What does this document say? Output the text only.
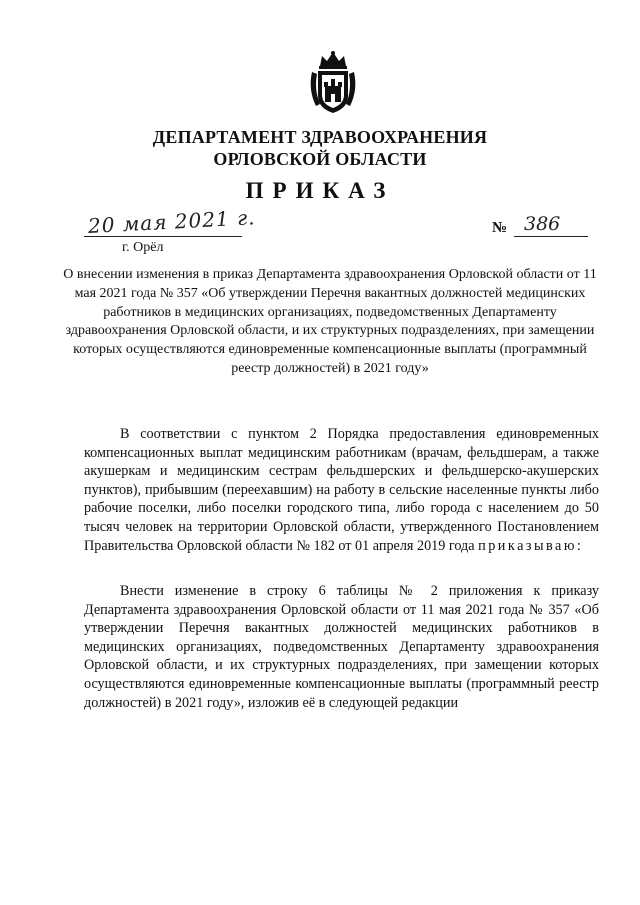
ДЕПАРТАМЕНТ ЗДРАВООХРАНЕНИЯ
ОРЛОВСКОЙ ОБЛАСТИ
ПРИКАЗ
20 мая 2021 г.
г. Орёл
№ 386
О внесении изменения в приказ Департамента здравоохранения Орловской области от 11 мая 2021 года № 357 «Об утверждении Перечня вакантных должностей медицинских работников в медицинских организациях, подведомственных Департаменту здравоохранения Орловской области, и их структурных подразделениях, при замещении которых осуществляются единовременные компенсационные выплаты (программный реестр должностей) в 2021 году»

В соответствии с пунктом 2 Порядка предоставления единовременных компенсационных выплат медицинским работникам (врачам, фельдшерам, а также акушеркам и медицинским сестрам фельдшерских и фельдшерско-акушерских пунктов), прибывшим (переехавшим) на работу в сельские населенные пункты либо рабочие поселки, либо поселки городского типа, либо города с населением до 50 тысяч человек на территории Орловской области, утвержденного Постановлением Правительства Орловской области № 182 от 01 апреля 2019 года приказываю:

Внести изменение в строку 6 таблицы № 2 приложения к приказу Департамента здравоохранения Орловской области от 11 мая 2021 года № 357 «Об утверждении Перечня вакантных должностей медицинских работников в медицинских организациях, подведомственных Департаменту здравоохранения Орловской области, и их структурных подразделениях, при замещении которых осуществляются единовременные компенсационные выплаты (программный реестр должностей) в 2021 году», изложив её в следующей редакции
